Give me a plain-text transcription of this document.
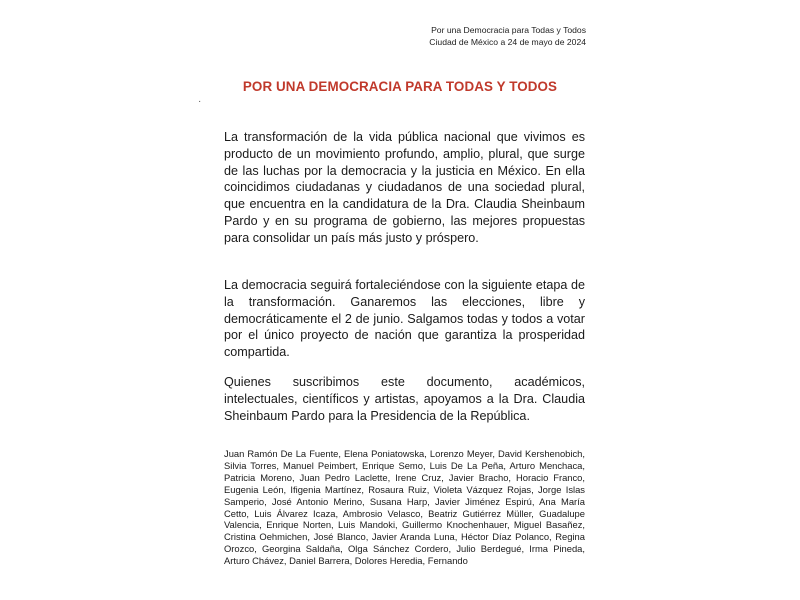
Por una Democracia para Todas y Todos
Ciudad de México a 24 de mayo de 2024
POR UNA DEMOCRACIA PARA TODAS Y TODOS
·
La transformación de la vida pública nacional que vivimos es producto de un movimiento profundo, amplio, plural, que surge de las luchas por la democracia y la justicia en México. En ella coincidimos ciudadanas y ciudadanos de una sociedad plural, que encuentra en la candidatura de la Dra. Claudia Sheinbaum Pardo y en su programa de gobierno, las mejores propuestas para consolidar un país más justo y próspero.
La democracia seguirá fortaleciéndose con la siguiente etapa de la transformación. Ganaremos las elecciones, libre y democráticamente el 2 de junio. Salgamos todas y todos a votar por el único proyecto de nación que garantiza la prosperidad compartida.
Quienes suscribimos este documento, académicos, intelectuales, científicos y artistas, apoyamos a la Dra. Claudia Sheinbaum Pardo para la Presidencia de la República.
Juan Ramón De La Fuente, Elena Poniatowska, Lorenzo Meyer, David Kershenobich, Silvia Torres, Manuel Peimbert, Enrique Semo, Luis De La Peña, Arturo Menchaca, Patricia Moreno, Juan Pedro Laclette, Irene Cruz, Javier Bracho, Horacio Franco, Eugenia León, Ifigenia Martínez, Rosaura Ruiz, Violeta Vázquez Rojas, Jorge Islas Samperio, José Antonio Merino, Susana Harp, Javier Jiménez Espirú, Ana María Cetto, Luis Álvarez Icaza, Ambrosio Velasco, Beatriz Gutiérrez Müller, Guadalupe Valencia, Enrique Norten, Luis Mandoki, Guillermo Knochenhauer, Miguel Basañez, Cristina Oehmichen, José Blanco, Javier Aranda Luna, Héctor Díaz Polanco, Regina Orozco, Georgina Saldaña, Olga Sánchez Cordero, Julio Berdegué, Irma Pineda, Arturo Chávez, Daniel Barrera, Dolores Heredia, Fernando
